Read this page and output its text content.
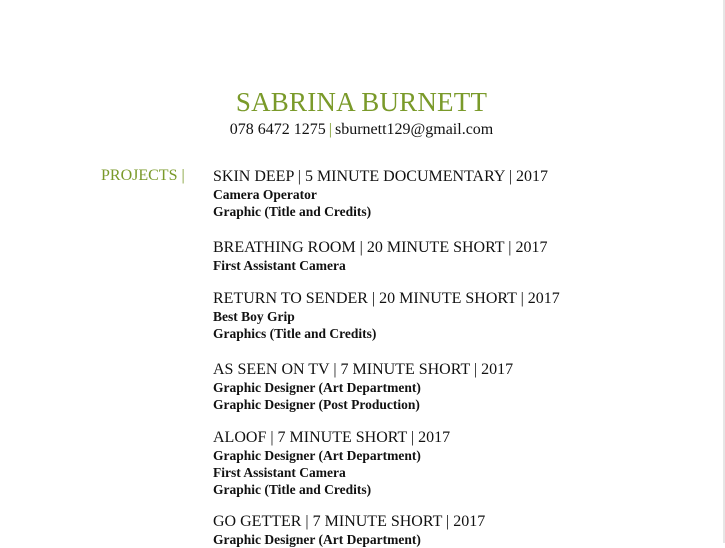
SABRINA BURNETT
078 6472 1275 | sburnett129@gmail.com
PROJECTS | SKIN DEEP | 5 MINUTE DOCUMENTARY | 2017
Camera Operator
Graphic (Title and Credits)
BREATHING ROOM | 20 MINUTE SHORT | 2017
First Assistant Camera
RETURN TO SENDER | 20 MINUTE SHORT | 2017
Best Boy Grip
Graphics (Title and Credits)
AS SEEN ON TV | 7 MINUTE SHORT | 2017
Graphic Designer (Art Department)
Graphic Designer (Post Production)
ALOOF | 7 MINUTE SHORT | 2017
Graphic Designer (Art Department)
First Assistant Camera
Graphic (Title and Credits)
GO GETTER | 7 MINUTE SHORT | 2017
Graphic Designer (Art Department)
